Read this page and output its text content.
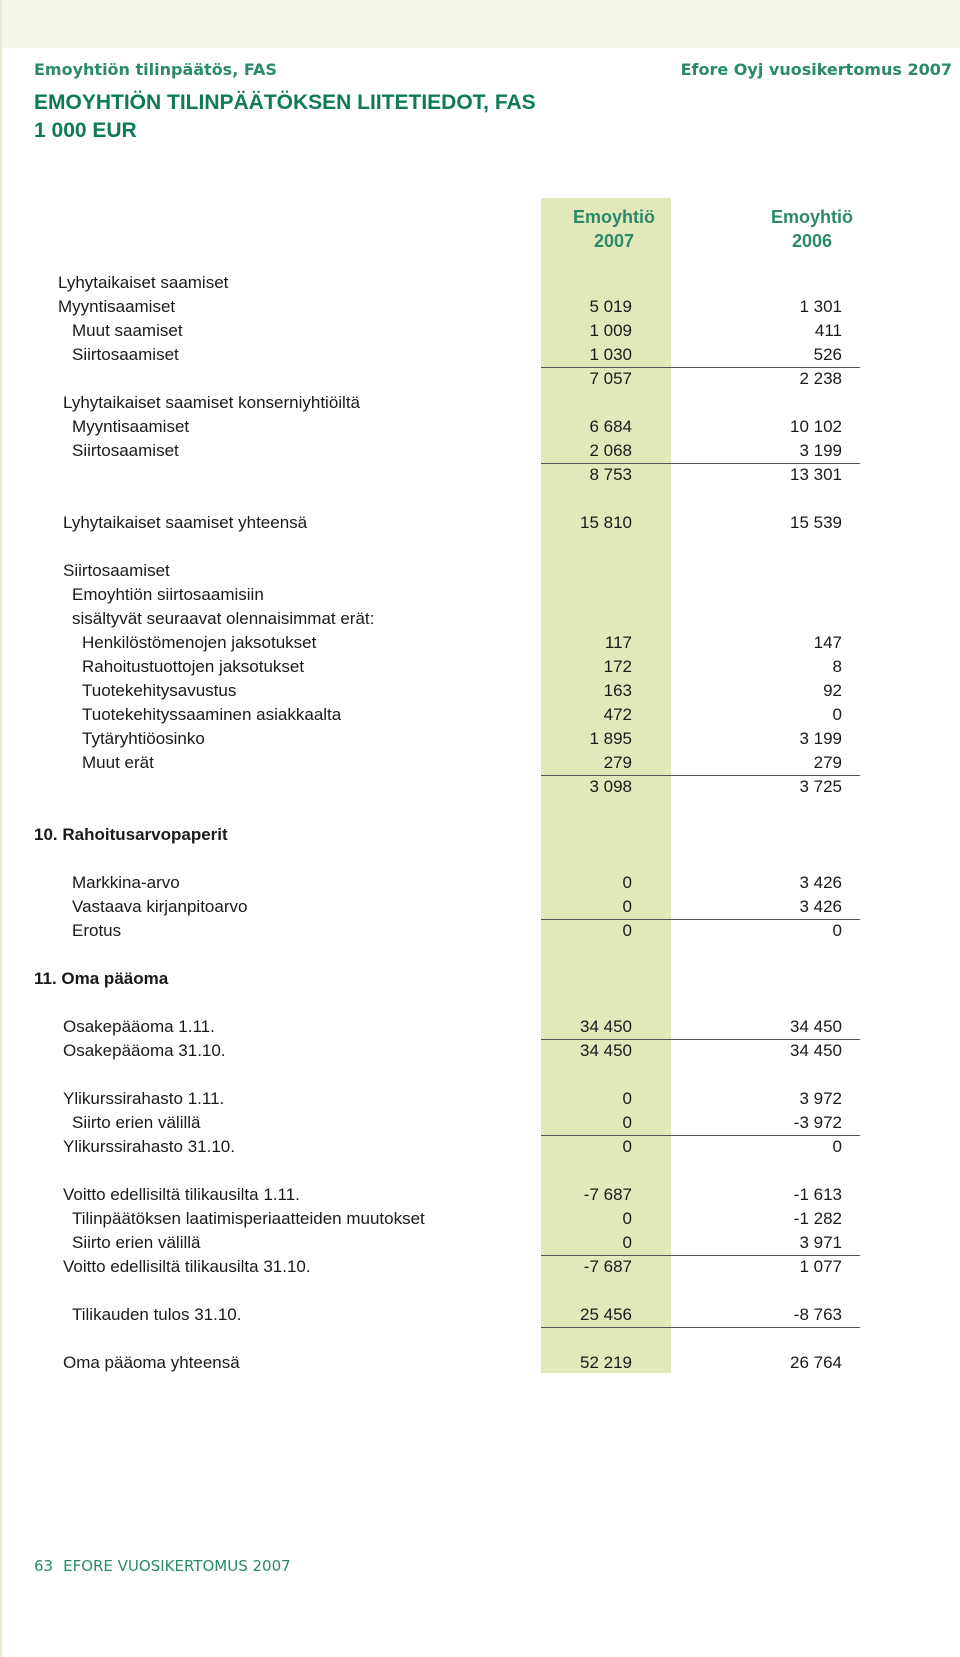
Emoyhtiön tilinpäätös, FAS	Efore Oyj vuosikertomus 2007
EMOYHTIÖN TILINPÄÄTÖKSEN LIITETIEDOT, FAS
1 000 EUR
Emoyhtiö
2007
Emoyhtiö
2006
Lyhytaikaiset saamiset
Myyntisaamiset	5 019	1 301
Muut saamiset	1 009	411
Siirtosaamiset	1 030	526
7 057	2 238
Lyhytaikaiset saamiset konserniyhtiöiltä
Myyntisaamiset	6 684	10 102
Siirtosaamiset	2 068	3 199
8 753	13 301
Lyhytaikaiset saamiset yhteensä	15 810	15 539
Siirtosaamiset
Emoyhtiön siirtosaamisiin
sisältyvät seuraavat olennaisimmat erät:
Henkilöstömenojen jaksotukset	117	147
Rahoitustuottojen jaksotukset	172	8
Tuotekehitysavustus	163	92
Tuotekehityssaaminen asiakkaalta	472	0
Tytäryhtiöosinko	1 895	3 199
Muut erät	279	279
3 098	3 725
10. Rahoitusarvopaperit
Markkina-arvo	0	3 426
Vastaava kirjanpitoarvo	0	3 426
Erotus	0	0
11. Oma pääoma
Osakepääoma 1.11.	34 450	34 450
Osakepääoma 31.10.	34 450	34 450
Ylikurssirahasto 1.11.	0	3 972
Siirto erien välillä	0	-3 972
Ylikurssirahasto 31.10.	0	0
Voitto edellisiltä tilikausilta 1.11.	-7 687	-1 613
Tilinpäätöksen laatimisperiaatteiden muutokset	0	-1 282
Siirto erien välillä	0	3 971
Voitto edellisiltä tilikausilta 31.10.	-7 687	1 077
Tilikauden tulos 31.10.	25 456	-8 763
Oma pääoma yhteensä	52 219	26 764
63 EFORE VUOSIKERTOMUS 2007
